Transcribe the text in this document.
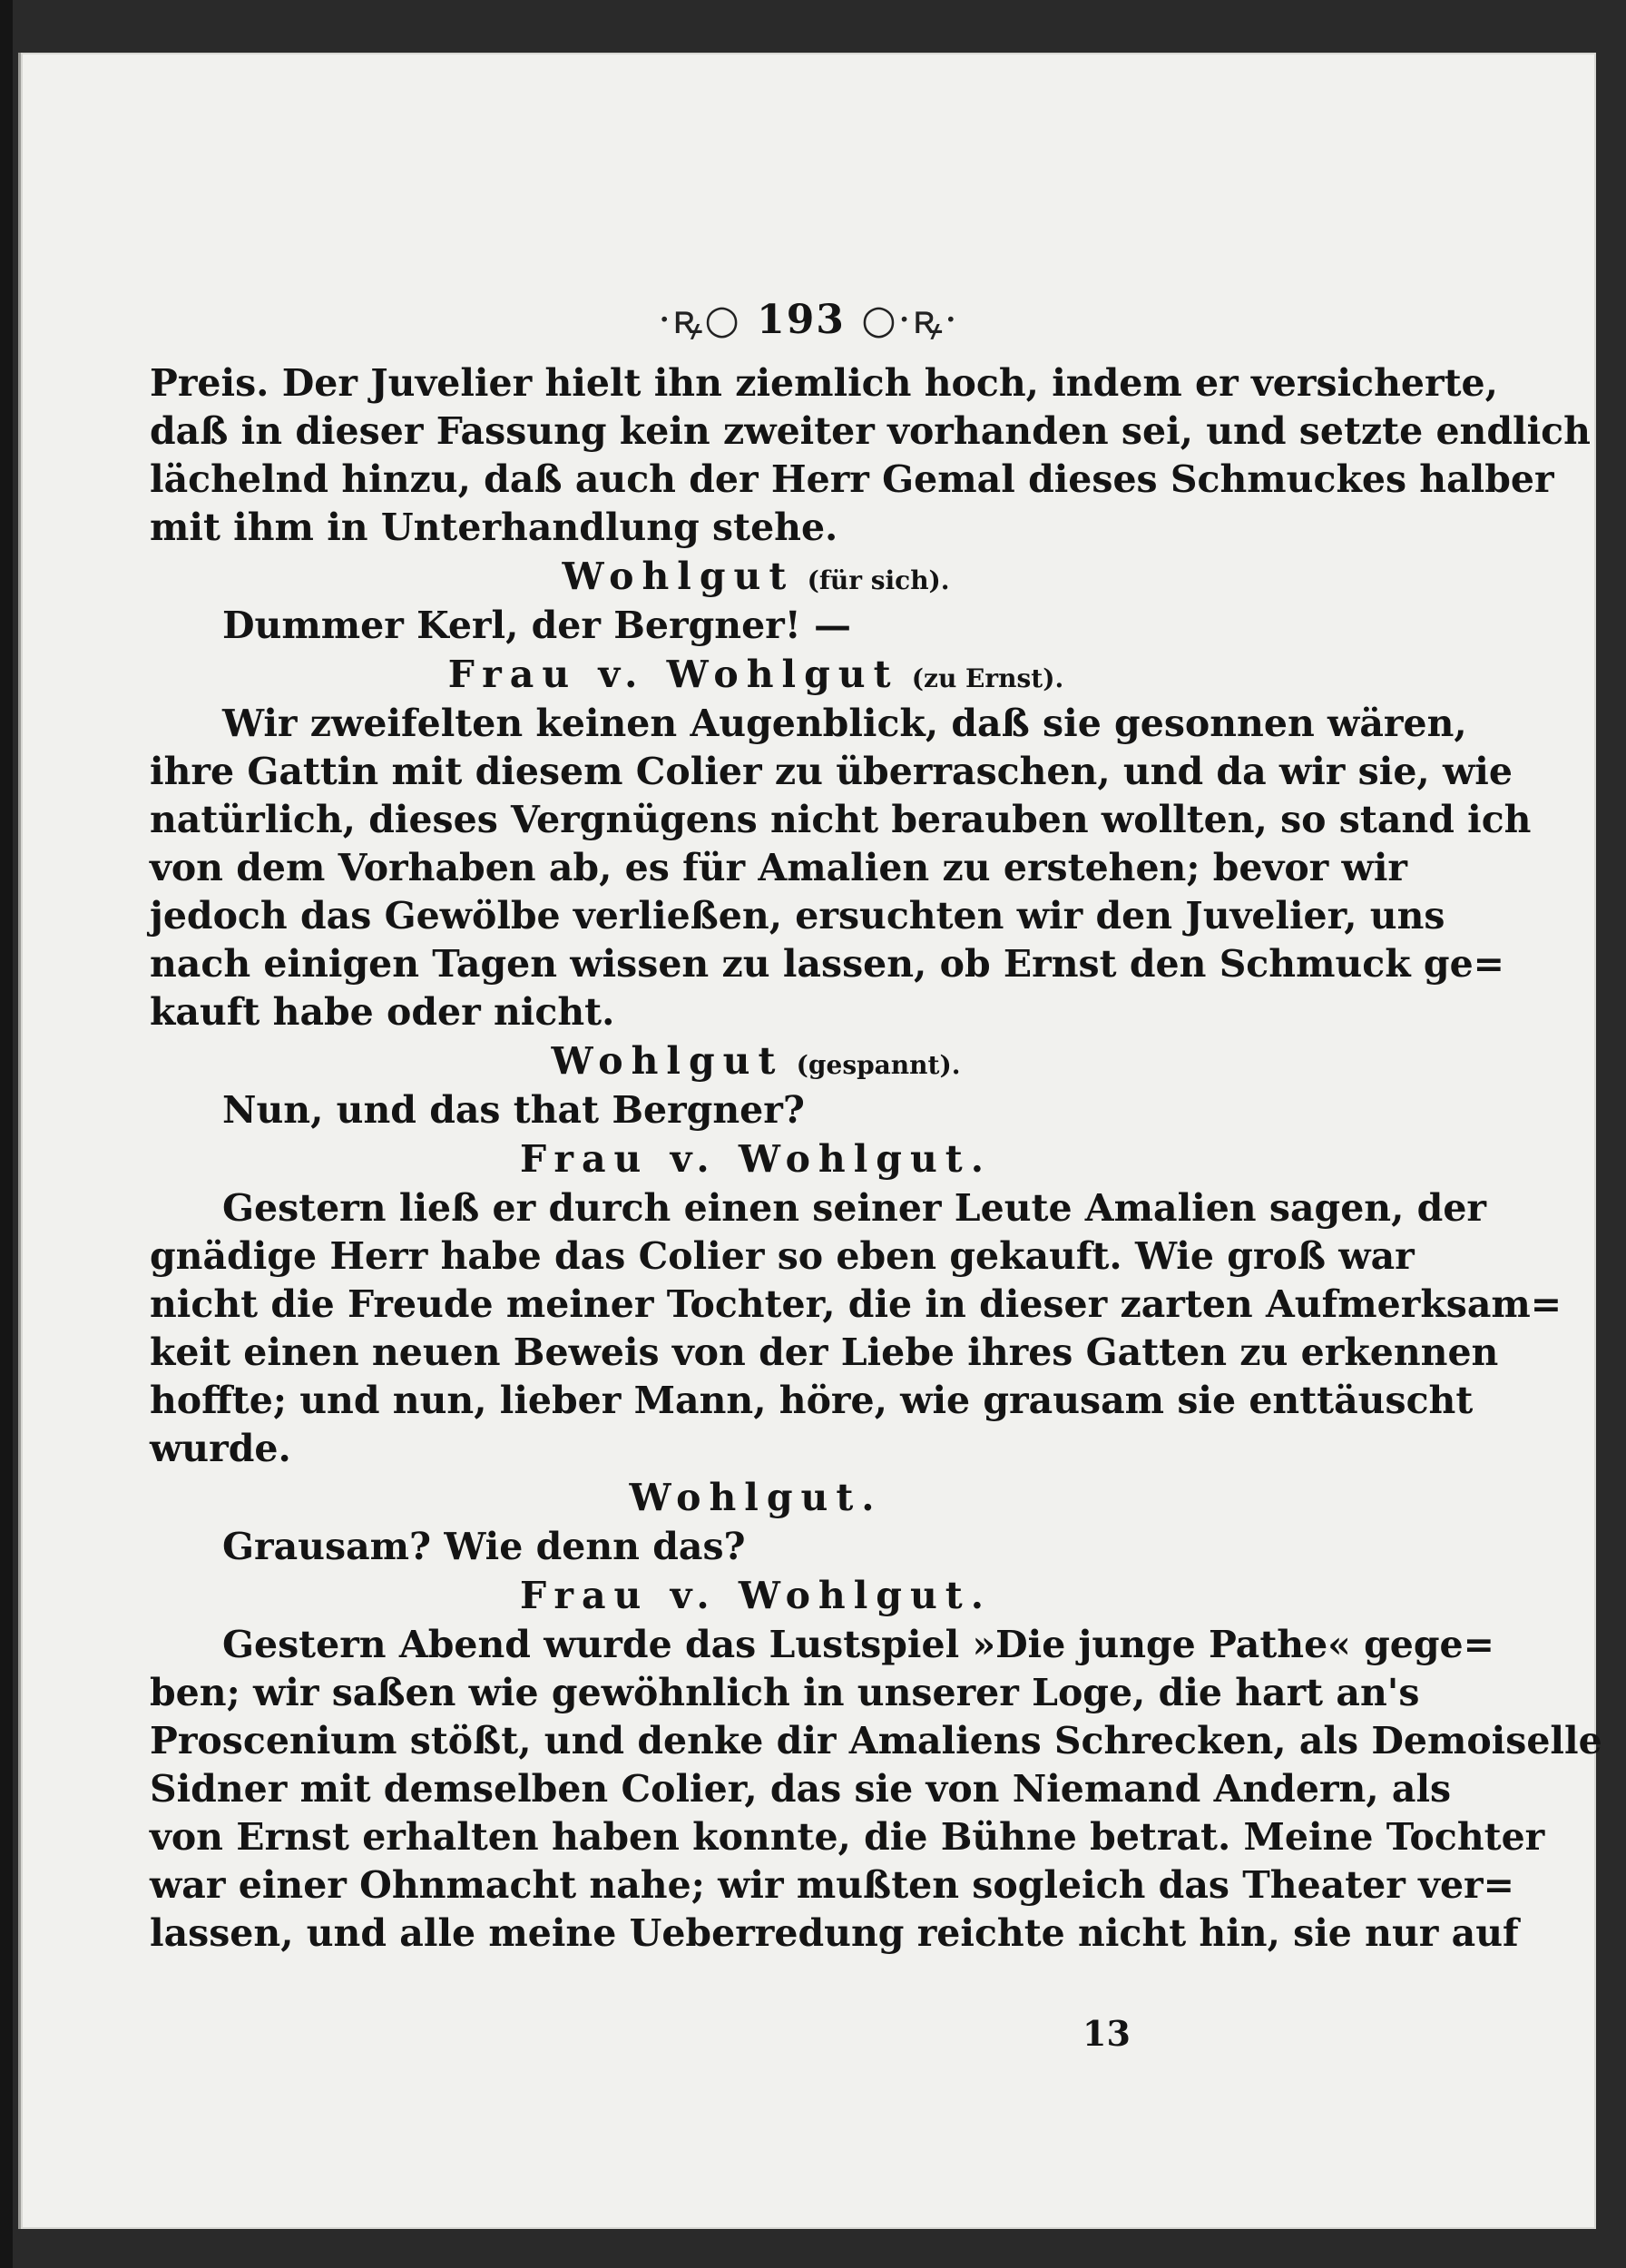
·ꝶ○ 193 ○·ꝶ·
Preis. Der Juvelier hielt ihn ziemlich hoch, indem er versicherte,
daß in dieser Fassung kein zweiter vorhanden sei, und setzte endlich
lächelnd hinzu, daß auch der Herr Gemal dieses Schmuckes halber
mit ihm in Unterhandlung stehe.
Wohlgut (für sich).
Dummer Kerl, der Bergner! —
Frau v. Wohlgut (zu Ernst).
Wir zweifelten keinen Augenblick, daß sie gesonnen wären,
ihre Gattin mit diesem Colier zu überraschen, und da wir sie, wie
natürlich, dieses Vergnügens nicht berauben wollten, so stand ich
von dem Vorhaben ab, es für Amalien zu erstehen; bevor wir
jedoch das Gewölbe verließen, ersuchten wir den Juvelier, uns
nach einigen Tagen wissen zu lassen, ob Ernst den Schmuck ge=
kauft habe oder nicht.
Wohlgut (gespannt).
Nun, und das that Bergner?
Frau v. Wohlgut.
Gestern ließ er durch einen seiner Leute Amalien sagen, der
gnädige Herr habe das Colier so eben gekauft. Wie groß war
nicht die Freude meiner Tochter, die in dieser zarten Aufmerksam=
keit einen neuen Beweis von der Liebe ihres Gatten zu erkennen
hoffte; und nun, lieber Mann, höre, wie grausam sie enttäuscht
wurde.
Wohlgut.
Grausam? Wie denn das?
Frau v. Wohlgut.
Gestern Abend wurde das Lustspiel »Die junge Pathe« gege=
ben; wir saßen wie gewöhnlich in unserer Loge, die hart an's
Proscenium stößt, und denke dir Amaliens Schrecken, als Demoiselle
Sidner mit demselben Colier, das sie von Niemand Andern, als
von Ernst erhalten haben konnte, die Bühne betrat. Meine Tochter
war einer Ohnmacht nahe; wir mußten sogleich das Theater ver=
lassen, und alle meine Ueberredung reichte nicht hin, sie nur auf
13
